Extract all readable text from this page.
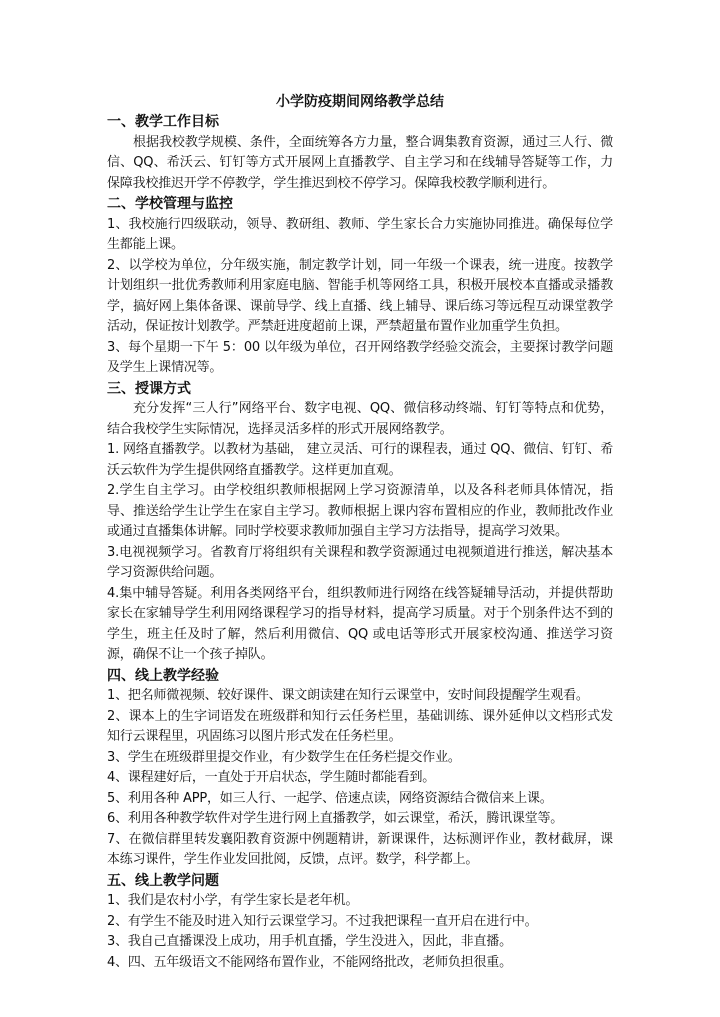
小学防疫期间网络教学总结
一、教学工作目标

根据我校教学规模、条件，全面统筹各方力量，整合调集教育资源，通过三人行、微信、QQ、希沃云、钉钉等方式开展网上直播教学、自主学习和在线辅导答疑等工作，力保障我校推迟开学不停教学，学生推迟到校不停学习。保障我校教学顺利进行。

二、学校管理与监控

1、我校施行四级联动，领导、教研组、教师、学生家长合力实施协同推进。确保每位学生都能上课。

2、以学校为单位，分年级实施，制定教学计划，同一年级一个课表，统一进度。按教学计划组织一批优秀教师利用家庭电脑、智能手机等网络工具，积极开展校本直播或录播教学，搞好网上集体备课、课前导学、线上直播、线上辅导、课后练习等远程互动课堂教学活动，保证按计划教学。严禁赶进度超前上课，严禁超量布置作业加重学生负担。

3、每个星期一下午 5：00 以年级为单位，召开网络教学经验交流会，主要探讨教学问题及学生上课情况等。

三、授课方式

充分发挥“三人行”网络平台、数字电视、QQ、微信移动终端、钉钉等特点和优势，结合我校学生实际情况，选择灵活多样的形式开展网络教学。

1. 网络直播教学。以教材为基础， 建立灵活、可行的课程表，通过 QQ、微信、钉钉、希沃云软件为学生提供网络直播教学。这样更加直观。

2.学生自主学习。由学校组织教师根据网上学习资源清单，以及各科老师具体情况，指导、推送给学生让学生在家自主学习。教师根据上课内容布置相应的作业，教师批改作业或通过直播集体讲解。同时学校要求教师加强自主学习方法指导，提高学习效果。

3.电视视频学习。省教育厅将组织有关课程和教学资源通过电视频道进行推送，解决基本学习资源供给问题。

4.集中辅导答疑。利用各类网络平台，组织教师进行网络在线答疑辅导活动，并提供帮助家长在家辅导学生利用网络课程学习的指导材料，提高学习质量。对于个别条件达不到的学生，班主任及时了解，然后利用微信、QQ 或电话等形式开展家校沟通、推送学习资源，确保不让一个孩子掉队。

四、线上教学经验

1、把名师微视频、较好课件、课文朗读建在知行云课堂中，安时间段提醒学生观看。

2、课本上的生字词语发在班级群和知行云任务栏里，基础训练、课外延伸以文档形式发知行云课程里，巩固练习以图片形式发在任务栏里。

3、学生在班级群里提交作业，有少数学生在任务栏提交作业。

4、课程建好后，一直处于开启状态，学生随时都能看到。

5、利用各种 APP，如三人行、一起学、倍速点读，网络资源结合微信来上课。

6、利用各种教学软件对学生进行网上直播教学，如云课堂，希沃，腾讯课堂等。

7、在微信群里转发襄阳教育资源中例题精讲，新课课件，达标测评作业，教材截屏，课本练习课件，学生作业发回批阅，反馈，点评。数学，科学都上。

五、线上教学问题

1、我们是农村小学，有学生家长是老年机。

2、有学生不能及时进入知行云课堂学习。不过我把课程一直开启在进行中。

3、我自己直播课没上成功，用手机直播，学生没进入，因此，非直播。

4、四、五年级语文不能网络布置作业，不能网络批改，老师负担很重。
